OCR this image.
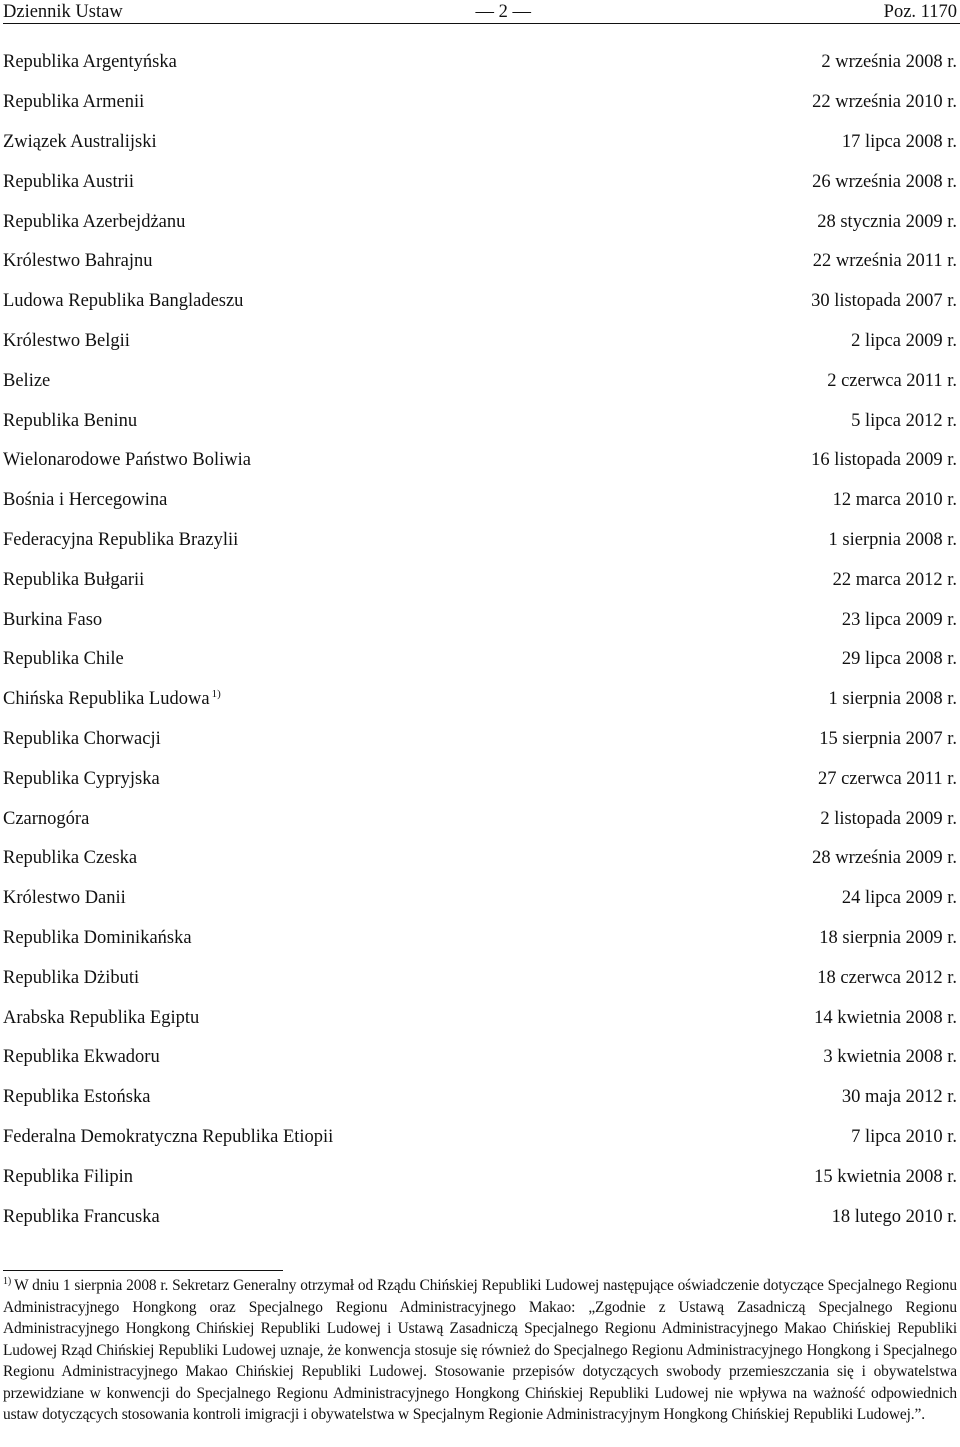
Dziennik Ustaw	— 2 —	Poz. 1170
Republika Argentyńska	2 września 2008 r.
Republika Armenii	22 września 2010 r.
Związek Australijski	17 lipca 2008 r.
Republika Austrii	26 września 2008 r.
Republika Azerbejdżanu	28 stycznia 2009 r.
Królestwo Bahrajnu	22 września 2011 r.
Ludowa Republika Bangladeszu	30 listopada 2007 r.
Królestwo Belgii	2 lipca 2009 r.
Belize	2 czerwca 2011 r.
Republika Beninu	5 lipca 2012 r.
Wielonarodowe Państwo Boliwia	16 listopada 2009 r.
Bośnia i Hercegowina	12 marca 2010 r.
Federacyjna Republika Brazylii	1 sierpnia 2008 r.
Republika Bułgarii	22 marca 2012 r.
Burkina Faso	23 lipca 2009 r.
Republika Chile	29 lipca 2008 r.
Chińska Republika Ludowa $^{1)}$	1 sierpnia 2008 r.
Republika Chorwacji	15 sierpnia 2007 r.
Republika Cypryjska	27 czerwca 2011 r.
Czarnogóra	2 listopada 2009 r.
Republika Czeska	28 września 2009 r.
Królestwo Danii	24 lipca 2009 r.
Republika Dominikańska	18 sierpnia 2009 r.
Republika Dżibuti	18 czerwca 2012 r.
Arabska Republika Egiptu	14 kwietnia 2008 r.
Republika Ekwadoru	3 kwietnia 2008 r.
Republika Estońska	30 maja 2012 r.
Federalna Demokratyczna Republika Etiopii	7 lipca 2010 r.
Republika Filipin	15 kwietnia 2008 r.
Republika Francuska	18 lutego 2010 r.
$^{1)}$ W dniu 1 sierpnia 2008 r. Sekretarz Generalny otrzymał od Rządu Chińskiej Republiki Ludowej następujące oświadczenie dotyczące Specjalnego Regionu Administracyjnego Hongkong oraz Specjalnego Regionu Administracyjnego Makao: „Zgodnie z Ustawą Zasadniczą Specjalnego Regionu Administracyjnego Hongkong Chińskiej Republiki Ludowej i Ustawą Zasadniczą Specjalnego Regionu Administracyjnego Makao Chińskiej Republiki Ludowej Rząd Chińskiej Republiki Ludowej uznaje, że konwencja stosuje się również do Specjalnego Regionu Administracyjnego Hongkong i Specjalnego Regionu Administracyjnego Makao Chińskiej Republiki Ludowej. Stosowanie przepisów dotyczących swobody przemieszczania się i obywatelstwa przewidziane w konwencji do Specjalnego Regionu Administracyjnego Hongkong Chińskiej Republiki Ludowej nie wpływa na ważność odpowiednich ustaw dotyczących stosowania kontroli imigracji i obywatelstwa w Specjalnym Regionie Administracyjnym Hongkong Chińskiej Republiki Ludowej.”.
